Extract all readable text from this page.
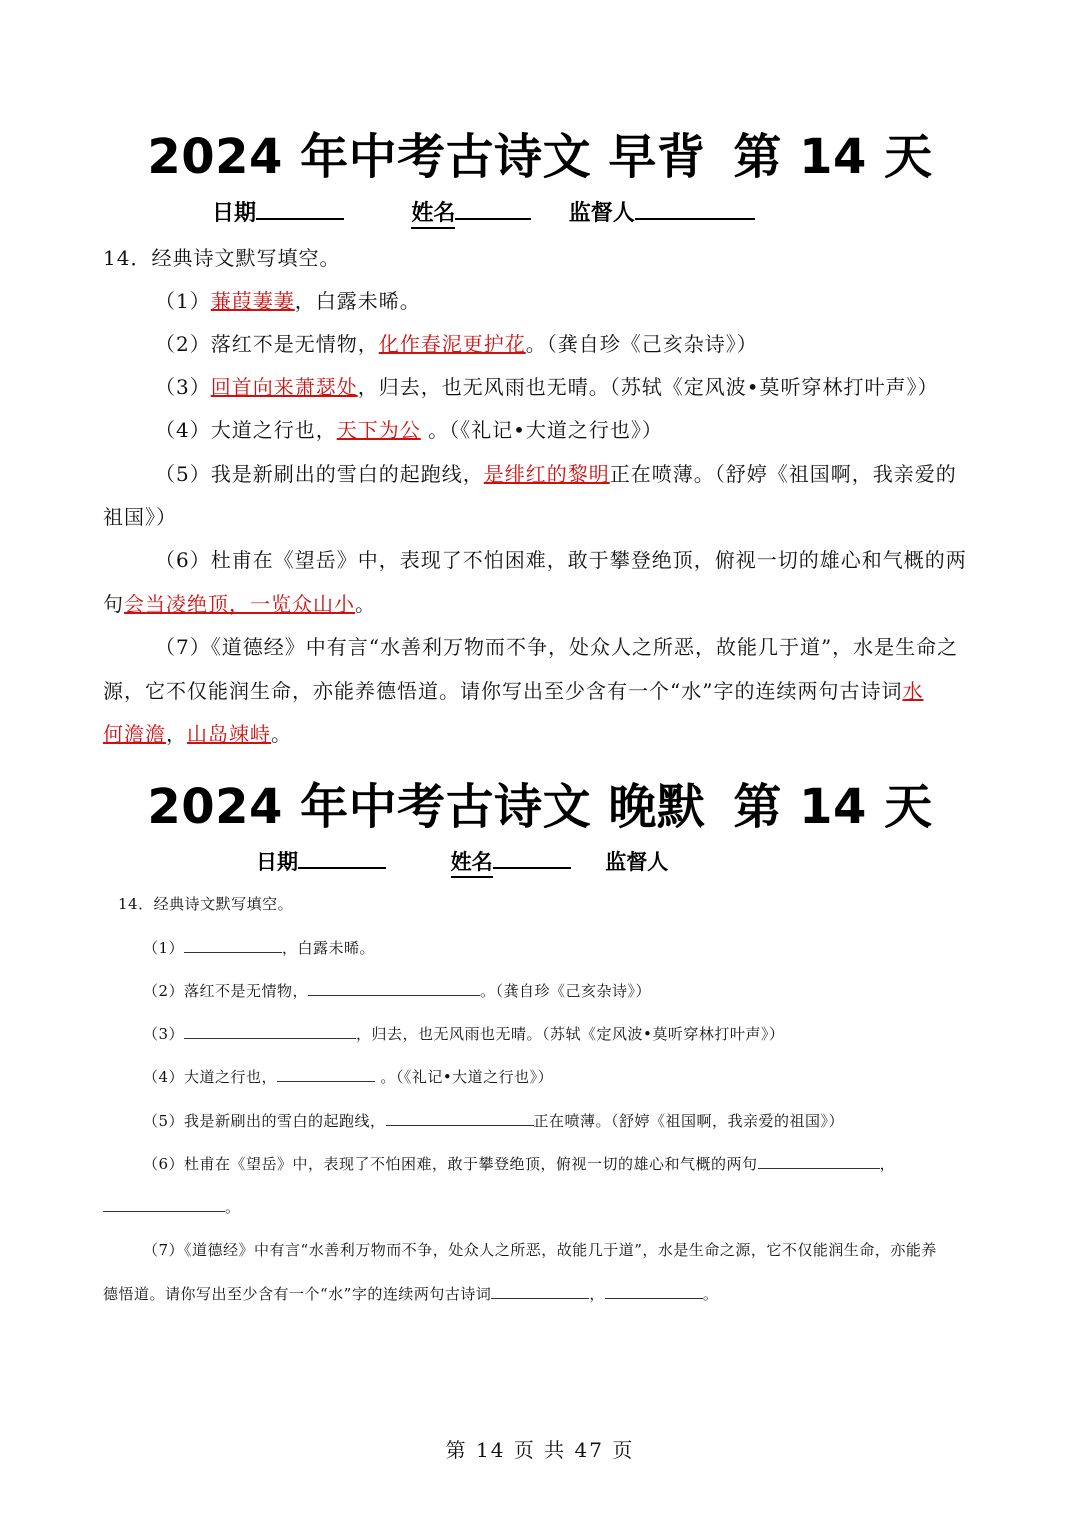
2024 年中考古诗文 早背 第 14 天
日期	姓名	监督人
14．经典诗文默写填空。
（1）蒹葭萋萋，白露未晞。
（2）落红不是无情物，化作春泥更护花。（龚自珍《己亥杂诗》）
（3）回首向来萧瑟处，归去，也无风雨也无晴。（苏轼《定风波•莫听穿林打叶声》）
（4）大道之行也，天下为公 。（《礼记•大道之行也》）
（5）我是新刷出的雪白的起跑线，是绯红的黎明正在喷薄。（舒婷《祖国啊，我亲爱的
祖国》）
（6）杜甫在《望岳》中，表现了不怕困难，敢于攀登绝顶，俯视一切的雄心和气概的两
句会当凌绝顶，一览众山小。
（7）《道德经》中有言“水善利万物而不争，处众人之所恶，故能几于道”，水是生命之
源，它不仅能润生命，亦能养德悟道。请你写出至少含有一个“水”字的连续两句古诗词水
何澹澹，山岛竦峙。
2024 年中考古诗文 晚默 第 14 天
日期	姓名	监督人
14．经典诗文默写填空。
（1）	，白露未晞。
（2）落红不是无情物，	。（龚自珍《己亥杂诗》）
（3）	，归去，也无风雨也无晴。（苏轼《定风波•莫听穿林打叶声》）
（4）大道之行也，	。（《礼记•大道之行也》）
（5）我是新刷出的雪白的起跑线，	正在喷薄。（舒婷《祖国啊，我亲爱的祖国》）
（6）杜甫在《望岳》中，表现了不怕困难，敢于攀登绝顶，俯视一切的雄心和气概的两句	，
。
（7）《道德经》中有言“水善利万物而不争，处众人之所恶，故能几于道”，水是生命之源，它不仅能润生命，亦能养
德悟道。请你写出至少含有一个“水”字的连续两句古诗词	，	。
第 14 页 共 47 页
